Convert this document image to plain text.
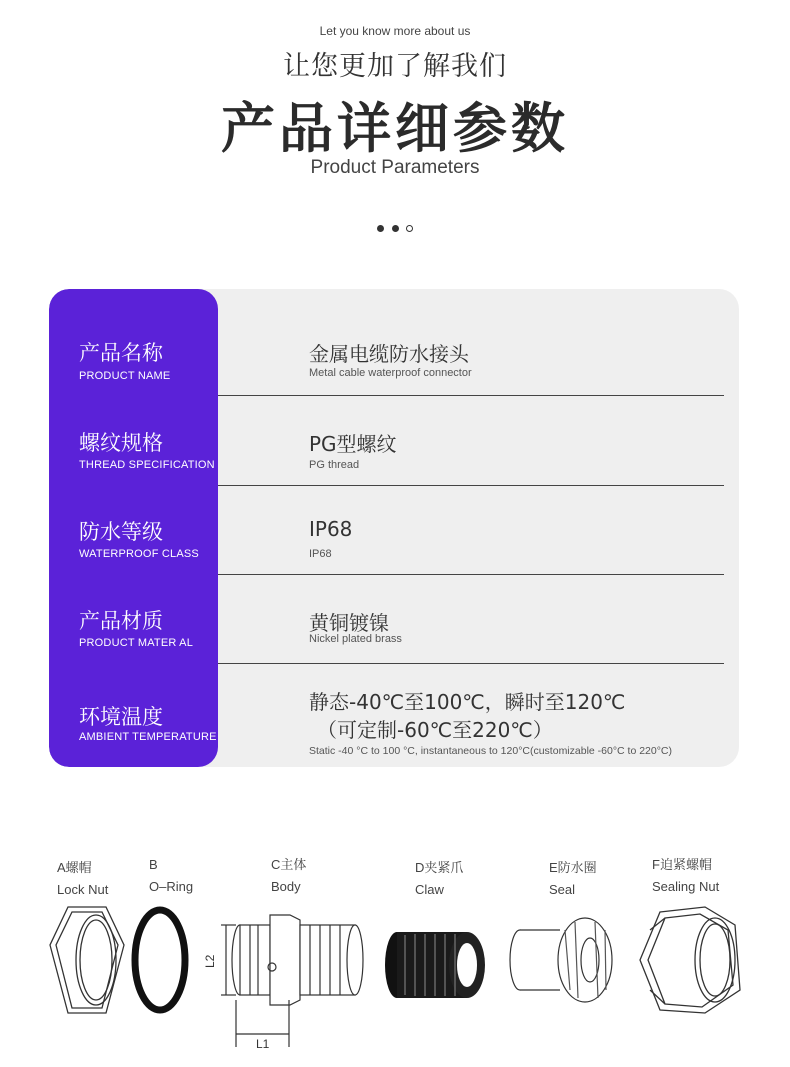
Let you know more about us
让您更加了解我们
产品详细参数
Product Parameters

产品名称
PRODUCT NAME
金属电缆防水接头
Metal cable waterproof connector
螺纹规格
THREAD SPECIFICATION
PG型螺纹
PG thread
防水等级
WATERPROOF CLASS
IP68
IP68
产品材质
PRODUCT MATER AL
黄铜镀镍
Nickel plated brass
环境温度
AMBIENT TEMPERATURE
静态-40℃至100℃，瞬时至120℃
（可定制-60℃至220℃）
Static -40 °C to 100 °C, instantaneous to 120°C(customizable -60°C to 220°C)
A螺帽
Lock Nut
B
O–Ring
C主体
Body
D夹紧爪
Claw
E防水圈
Seal
F迫紧螺帽
Sealing Nut
L2
L1
